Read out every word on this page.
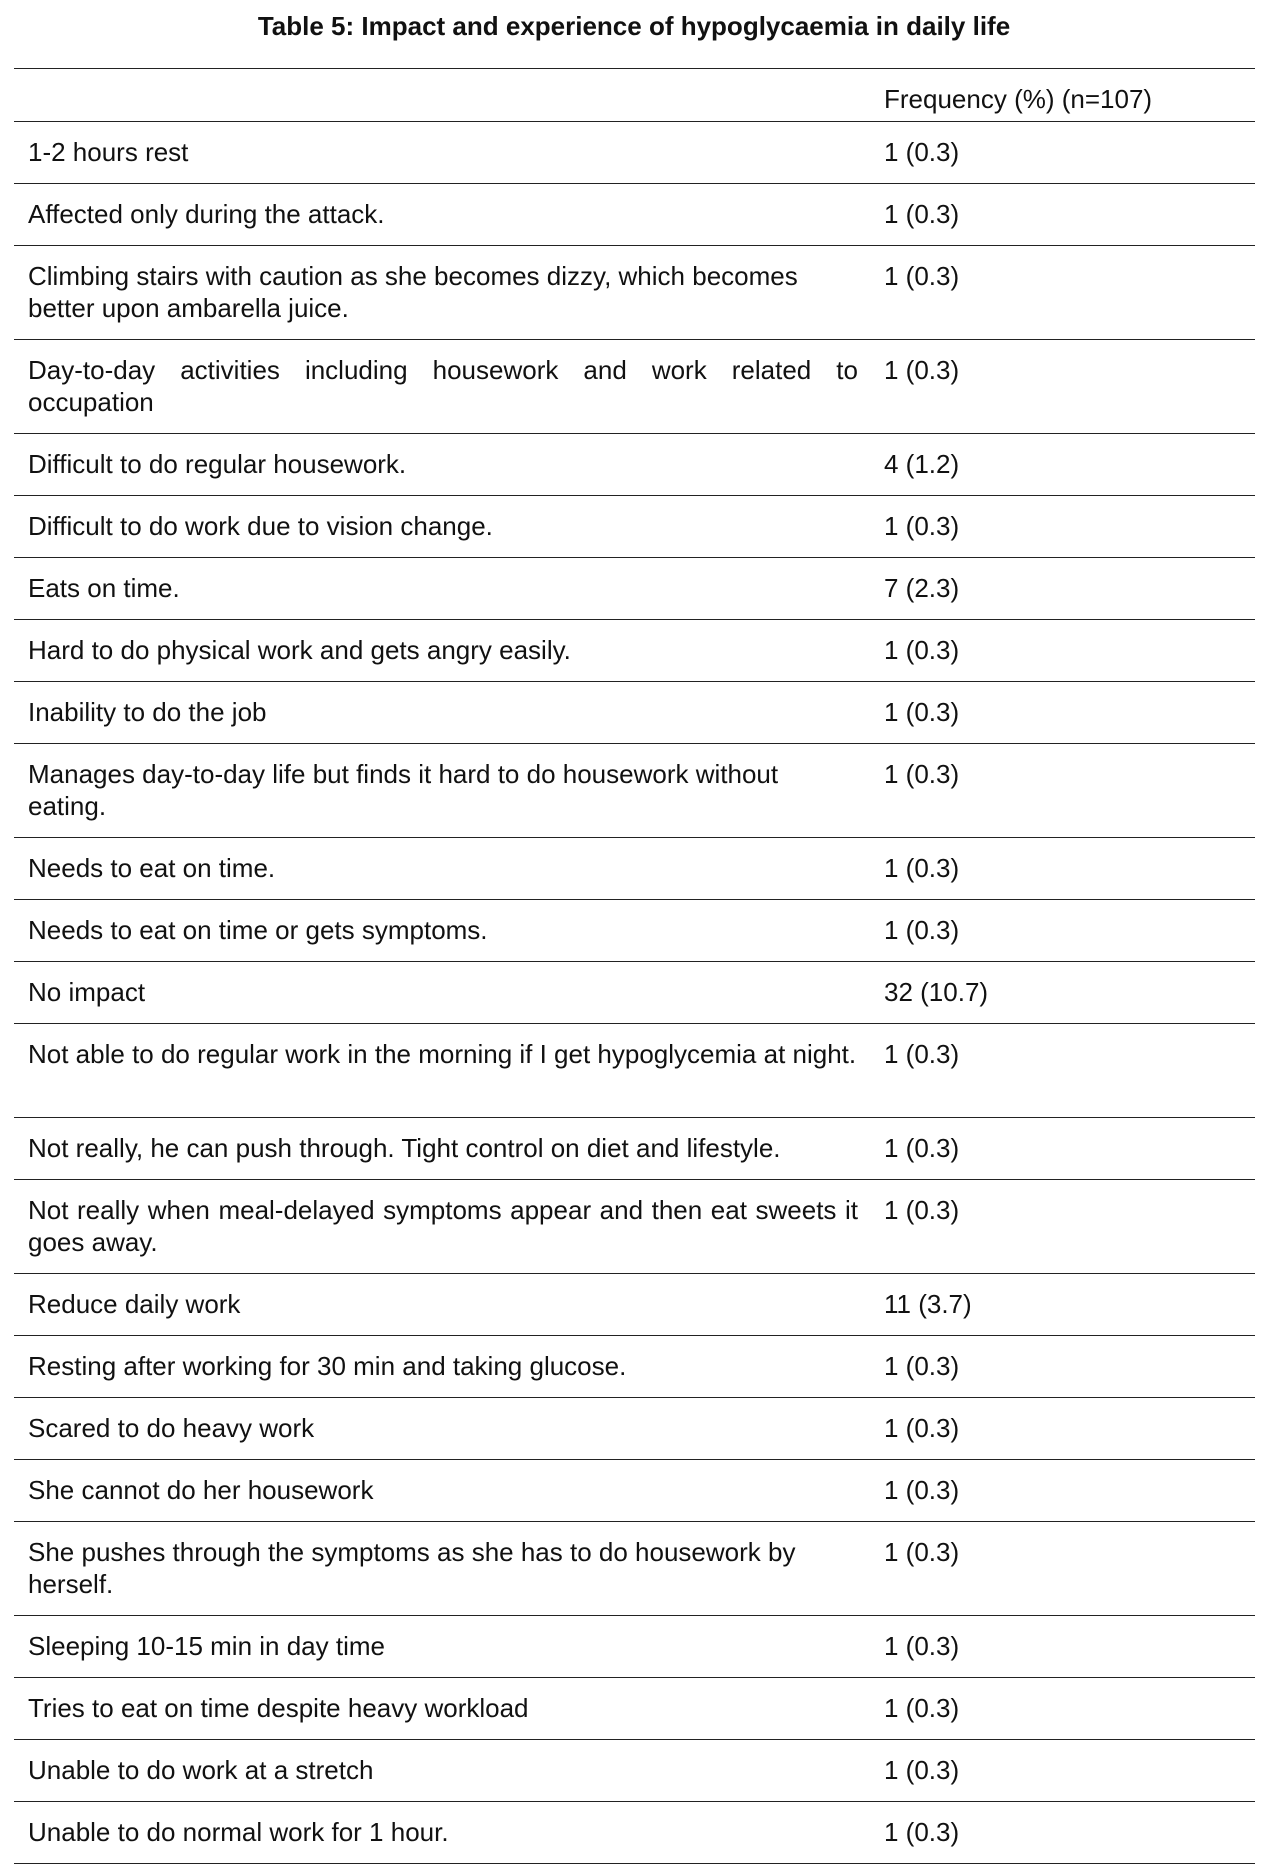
Table 5: Impact and experience of hypoglycaemia in daily life
	Frequency (%) (n=107)
1-2 hours rest	1 (0.3)
Affected only during the attack.	1 (0.3)
Climbing stairs with caution as she becomes dizzy, which becomes better upon ambarella juice.	1 (0.3)
Day-to-day activities including housework and work related to occupation	1 (0.3)
Difficult to do regular housework.	4 (1.2)
Difficult to do work due to vision change.	1 (0.3)
Eats on time.	7 (2.3)
Hard to do physical work and gets angry easily.	1 (0.3)
Inability to do the job	1 (0.3)
Manages day-to-day life but finds it hard to do housework without eating.	1 (0.3)
Needs to eat on time.	1 (0.3)
Needs to eat on time or gets symptoms.	1 (0.3)
No impact	32 (10.7)
Not able to do regular work in the morning if I get hypoglycemia at night.	1 (0.3)
Not really, he can push through. Tight control on diet and lifestyle.	1 (0.3)
Not really when meal-delayed symptoms appear and then eat sweets it goes away.	1 (0.3)
Reduce daily work	11 (3.7)
Resting after working for 30 min and taking glucose.	1 (0.3)
Scared to do heavy work	1 (0.3)
She cannot do her housework	1 (0.3)
She pushes through the symptoms as she has to do housework by herself.	1 (0.3)
Sleeping 10-15 min in day time	1 (0.3)
Tries to eat on time despite heavy workload	1 (0.3)
Unable to do work at a stretch	1 (0.3)
Unable to do normal work for 1 hour.	1 (0.3)
